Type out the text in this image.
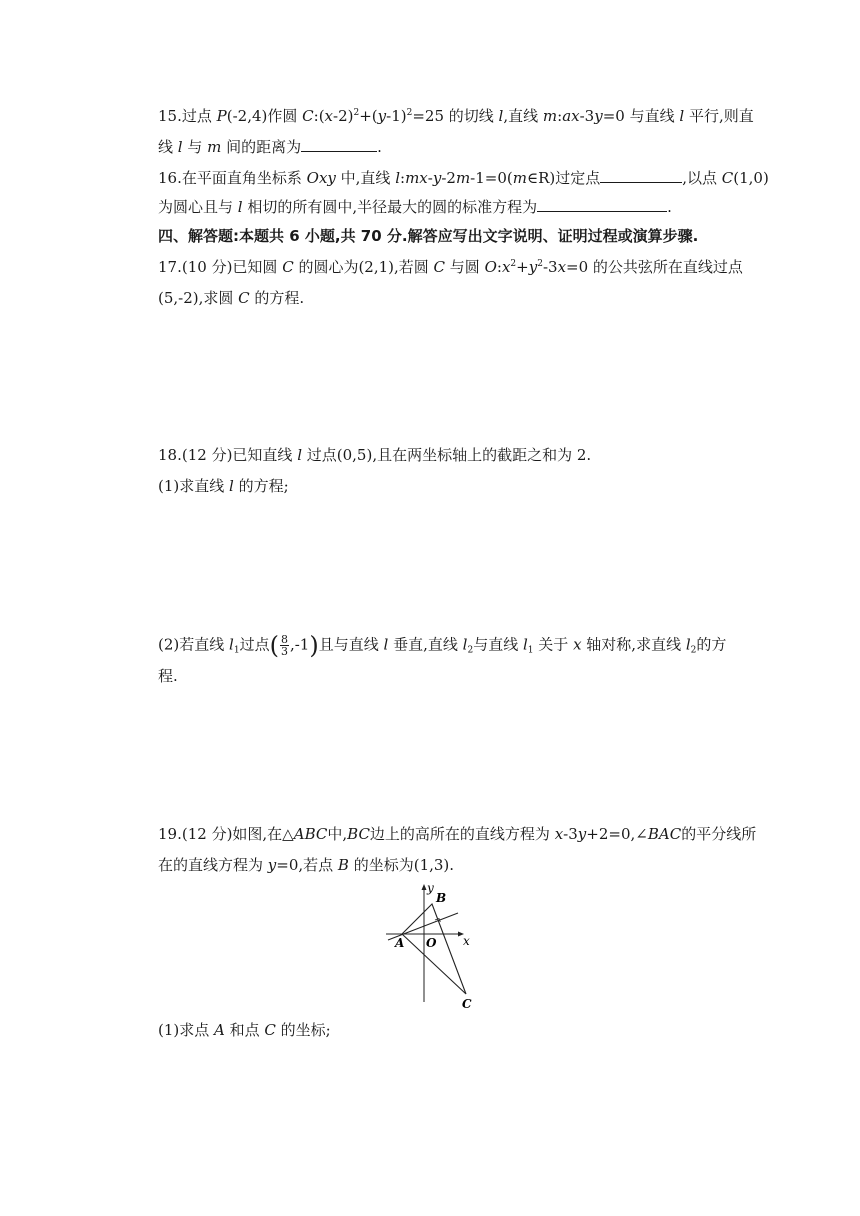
15.过点 P(-2,4)作圆 $C:(x-2)^2+(y-1)^2=25$ 的切线 l,直线 m:ax-3y=0 与直线 l 平行,则直
线 l 与 m 间的距离为	.
16.在平面直角坐标系 Oxy 中,直线 l:mx-y-2m-1=0(m∈R)过定点	,以点 C(1,0)
为圆心且与 l 相切的所有圆中,半径最大的圆的标准方程为	.
四、解答题:本题共 6 小题,共 70 分.解答应写出文字说明、证明过程或演算步骤.
17.(10 分)已知圆 C 的圆心为(2,1),若圆 C 与圆 $O:x^2+y^2-3x=0$ 的公共弦所在直线过点
(5,-2),求圆 C 的方程.
18.(12 分)已知直线 l 过点(0,5),且在两坐标轴上的截距之和为 2.
(1)求直线 l 的方程;
(2)若直线 $l_1$过点( $\frac{8}{3} ,-1$)且与直线 l 垂直,直线 $l_2$与直线 $l_1$ 关于 x 轴对称,求直线 $l_2$的方
程.
19.(12 分)如图,在△ABC中,BC边上的高所在的直线方程为 x-3y+2=0,∠BAC的平分线所
在的直线方程为 y=0,若点 B 的坐标为(1,3).
y
x
B
A O
C
(1)求点 A 和点 C 的坐标;
